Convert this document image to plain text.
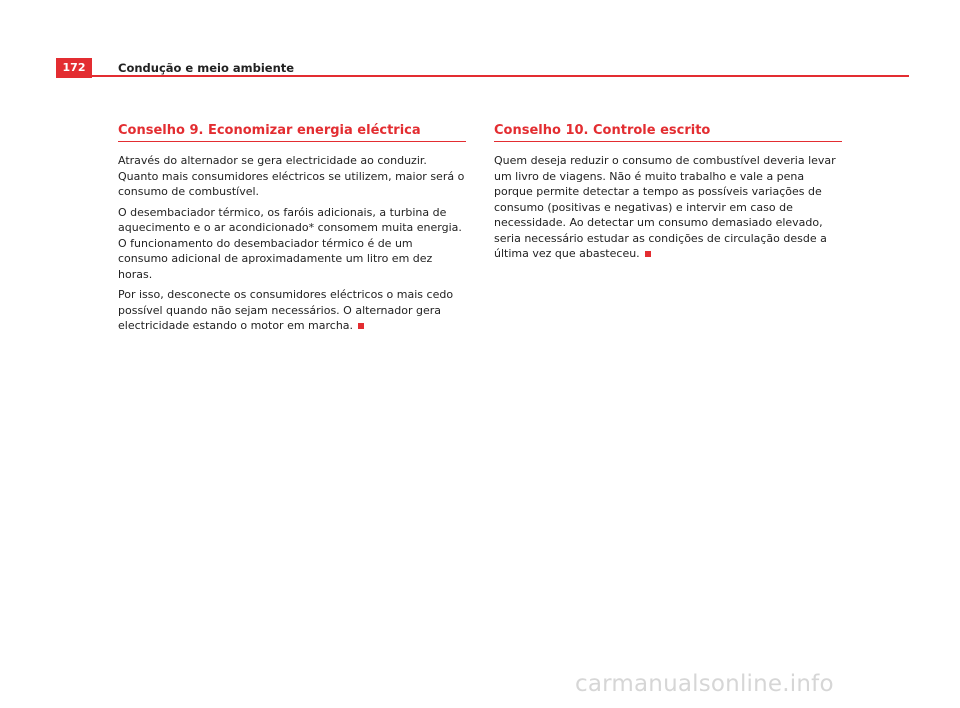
172	Condução e meio ambiente
Conselho 9. Economizar energia eléctrica

Através do alternador se gera electricidade ao conduzir. Quanto mais consumidores eléctricos se utilizem, maior será o consumo de combustível.

O desembaciador térmico, os faróis adicionais, a turbina de aquecimento e o ar acondicionado* consomem muita energia. O funcionamento do desembaciador térmico é de um consumo adicional de aproximadamente um litro em dez horas.

Por isso, desconecte os consumidores eléctricos o mais cedo possível quando não sejam necessários. O alternador gera electricidade estando o motor em marcha.

Conselho 10. Controle escrito

Quem deseja reduzir o consumo de combustível deveria levar um livro de viagens. Não é muito trabalho e vale a pena porque permite detectar a tempo as possíveis variações de consumo (positivas e negativas) e intervir em caso de necessidade. Ao detectar um consumo demasiado elevado, seria necessário estudar as condições de circulação desde a última vez que abasteceu.

carmanualsonline.info
